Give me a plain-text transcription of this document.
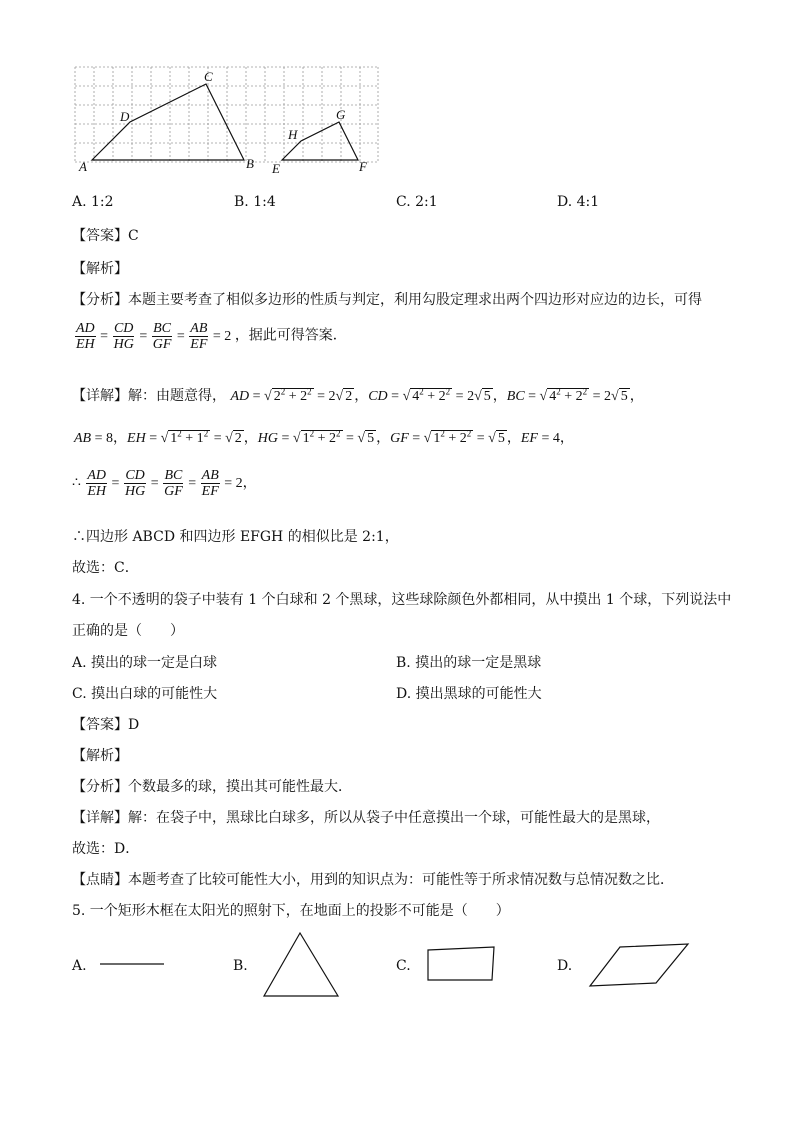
A	B
C
D
E	F
G
H
A. 1:2	B. 1:4	C. 2:1	D. 4:1
【答案】C
【解析】
【分析】本题主要考查了相似多边形的性质与判定，利用勾股定理求出两个四边形对应边的边长，可得
$\frac{AD}{EH} = \frac{CD}{HG} = \frac{BC}{GF} = \frac{AB}{EF} = 2$ ，据此可得答案．
【详解】解：由题意得， AD = √ $2^2 + 2^2 = 2√$ 2 ，CD = √ $4^2 + 2^2 = 2√$ 5 ，BC = √ $4^2 + 2^2 = 2√$ 5 ，
AB = 8，EH = √ $1^2 + 1^2$ = √ 2 ，HG = √ $1^2 + 2^2$ = √ 5 ，GF = √ $1^2 + 2^2$ = √ 5 ，EF = 4，
∴ $\frac{AD}{EH} = \frac{CD}{HG} = \frac{BC}{GF} = \frac{AB}{EF} = 2$，
∴四边形 ABCD 和四边形 EFGH 的相似比是 2:1，
故选：C．
4. 一个不透明的袋子中装有 1 个白球和 2 个黑球，这些球除颜色外都相同，从中摸出 1 个球，下列说法中
正确的是（　　）
A. 摸出的球一定是白球	B. 摸出的球一定是黑球
C. 摸出白球的可能性大	D. 摸出黑球的可能性大
【答案】D
【解析】
【分析】个数最多的球，摸出其可能性最大．
【详解】解：在袋子中，黑球比白球多，所以从袋子中任意摸出一个球，可能性最大的是黑球，
故选：D．
【点睛】本题考查了比较可能性大小，用到的知识点为：可能性等于所求情况数与总情况数之比．
5. 一个矩形木框在太阳光的照射下，在地面上的投影不可能是（　　）
A.	B.	C.	D.
